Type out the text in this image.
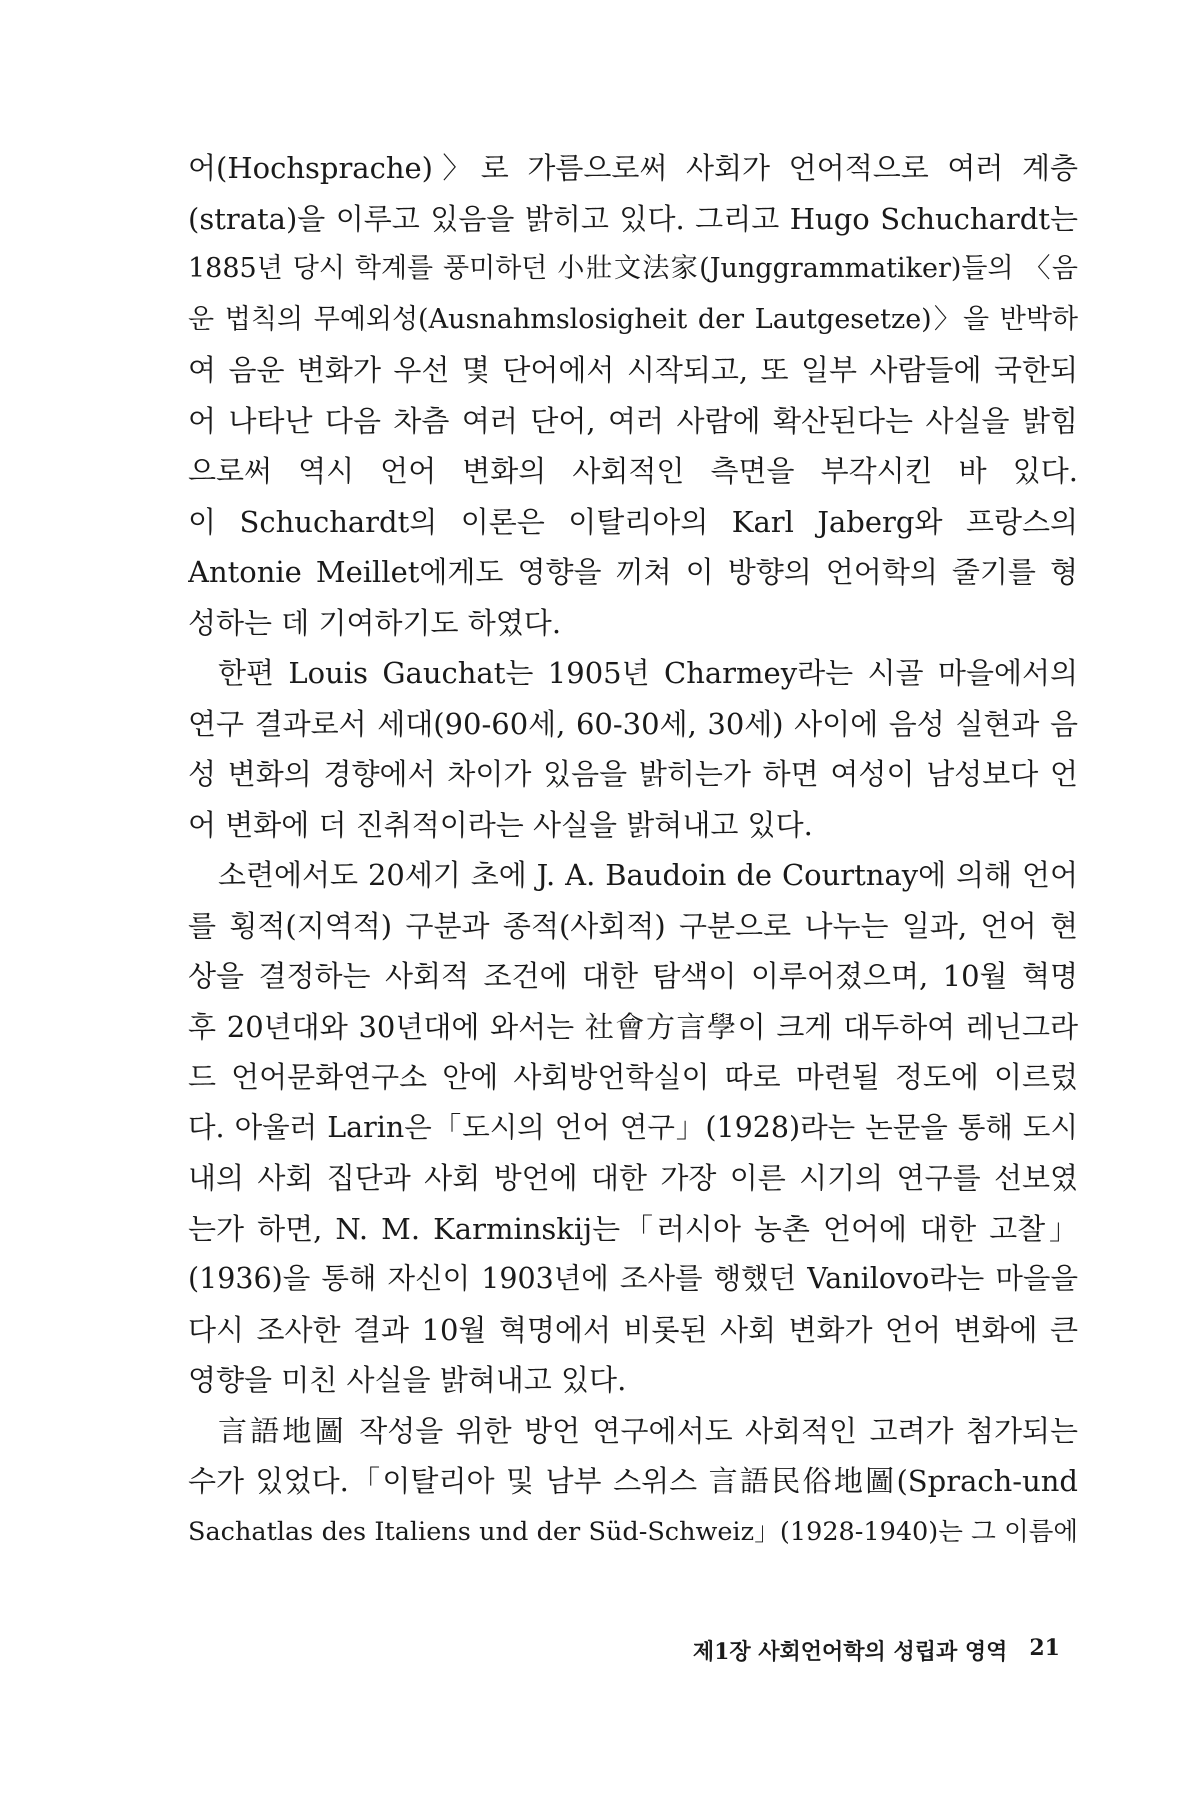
어(Hochsprache)〉로 가름으로써 사회가 언어적으로 여러 계층
(strata)을 이루고 있음을 밝히고 있다. 그리고 Hugo Schuchardt는
1885년 당시 학계를 풍미하던 小壯文法家(Junggrammatiker)들의 〈음
운 법칙의 무예외성(Ausnahmslosigheit der Lautgesetze)〉을 반박하
여 음운 변화가 우선 몇 단어에서 시작되고, 또 일부 사람들에 국한되
어 나타난 다음 차츰 여러 단어, 여러 사람에 확산된다는 사실을 밝힘
으로써 역시 언어 변화의 사회적인 측면을 부각시킨 바 있다.
이 Schuchardt의 이론은 이탈리아의 Karl Jaberg와 프랑스의
Antonie Meillet에게도 영향을 끼쳐 이 방향의 언어학의 줄기를 형
성하는 데 기여하기도 하였다.
한편 Louis Gauchat는 1905년 Charmey라는 시골 마을에서의
연구 결과로서 세대(90-60세, 60-30세, 30세) 사이에 음성 실현과 음
성 변화의 경향에서 차이가 있음을 밝히는가 하면 여성이 남성보다 언
어 변화에 더 진취적이라는 사실을 밝혀내고 있다.
소련에서도 20세기 초에 J. A. Baudoin de Courtnay에 의해 언어
를 횡적(지역적) 구분과 종적(사회적) 구분으로 나누는 일과, 언어 현
상을 결정하는 사회적 조건에 대한 탐색이 이루어졌으며, 10월 혁명
후 20년대와 30년대에 와서는 社會方言學이 크게 대두하여 레닌그라
드 언어문화연구소 안에 사회방언학실이 따로 마련될 정도에 이르렀
다. 아울러 Larin은「도시의 언어 연구」(1928)라는 논문을 통해 도시
내의 사회 집단과 사회 방언에 대한 가장 이른 시기의 연구를 선보였
는가 하면, N. M. Karminskij는「러시아 농촌 언어에 대한 고찰」
(1936)을 통해 자신이 1903년에 조사를 행했던 Vanilovo라는 마을을
다시 조사한 결과 10월 혁명에서 비롯된 사회 변화가 언어 변화에 큰
영향을 미친 사실을 밝혀내고 있다.
言語地圖 작성을 위한 방언 연구에서도 사회적인 고려가 첨가되는
수가 있었다.「이탈리아 및 남부 스위스 言語民俗地圖(Sprach-und
Sachatlas des Italiens und der Süd-Schweiz」(1928-1940)는 그 이름에
제1장 사회언어학의 성립과 영역 21
